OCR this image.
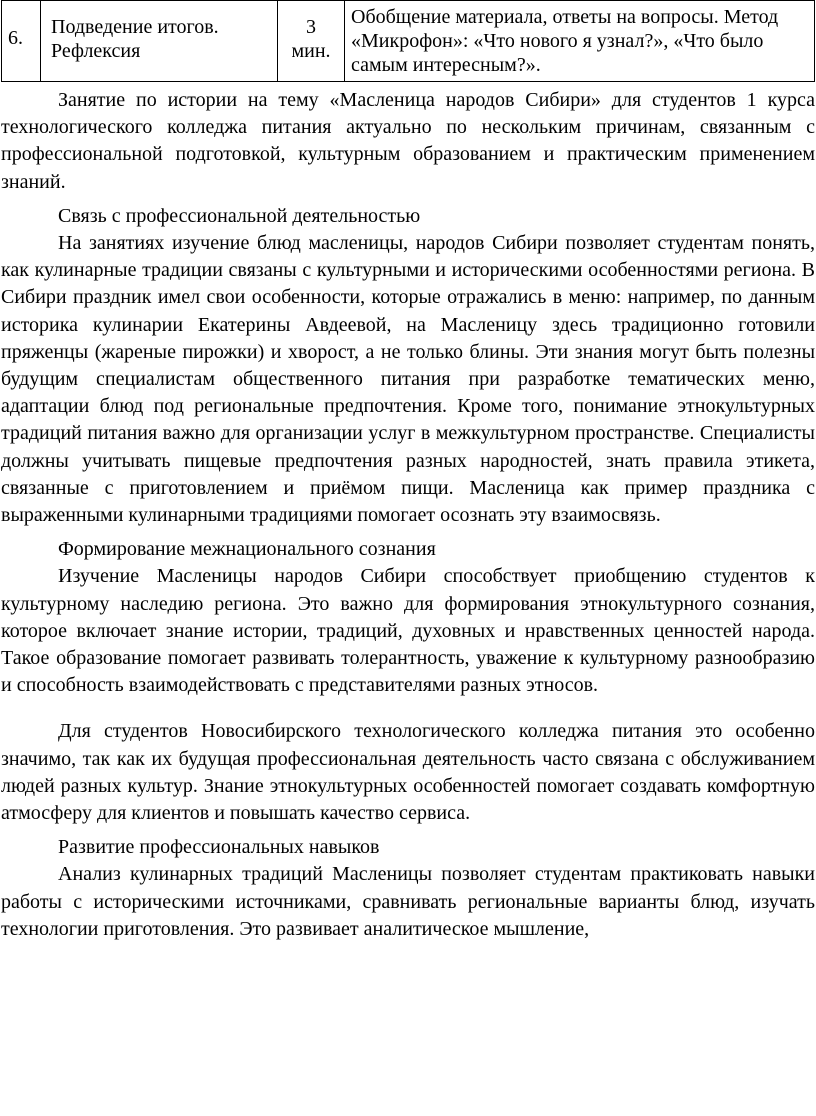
6.	Подведение итогов. Рефлексия	3 мин.	Обобщение материала, ответы на вопросы. Метод «Микрофон»: «Что нового я узнал?», «Что было самым интересным?».

Занятие по истории на тему «Масленица народов Сибири» для студентов 1 курса технологического колледжа питания актуально по нескольким причинам, связанным с профессиональной подготовкой, культурным образованием и практическим применением знаний.

Связь с профессиональной деятельностью

На занятиях изучение блюд масленицы, народов Сибири позволяет студентам понять, как кулинарные традиции связаны с культурными и историческими особенностями региона. В Сибири праздник имел свои особенности, которые отражались в меню: например, по данным историка кулинарии Екатерины Авдеевой, на Масленицу здесь традиционно готовили пряженцы (жареные пирожки) и хворост, а не только блины. Эти знания могут быть полезны будущим специалистам общественного питания при разработке тематических меню, адаптации блюд под региональные предпочтения. Кроме того, понимание этнокультурных традиций питания важно для организации услуг в межкультурном пространстве. Специалисты должны учитывать пищевые предпочтения разных народностей, знать правила этикета, связанные с приготовлением и приёмом пищи. Масленица как пример праздника с выраженными кулинарными традициями помогает осознать эту взаимосвязь.

Формирование межнационального сознания

Изучение Масленицы народов Сибири способствует приобщению студентов к культурному наследию региона. Это важно для формирования этнокультурного сознания, которое включает знание истории, традиций, духовных и нравственных ценностей народа. Такое образование помогает развивать толерантность, уважение к культурному разнообразию и способность взаимодействовать с представителями разных этносов.

Для студентов Новосибирского технологического колледжа питания это особенно значимо, так как их будущая профессиональная деятельность часто связана с обслуживанием людей разных культур. Знание этнокультурных особенностей помогает создавать комфортную атмосферу для клиентов и повышать качество сервиса.

Развитие профессиональных навыков

Анализ кулинарных традиций Масленицы позволяет студентам практиковать навыки работы с историческими источниками, сравнивать региональные варианты блюд, изучать технологии приготовления. Это развивает аналитическое мышление,
